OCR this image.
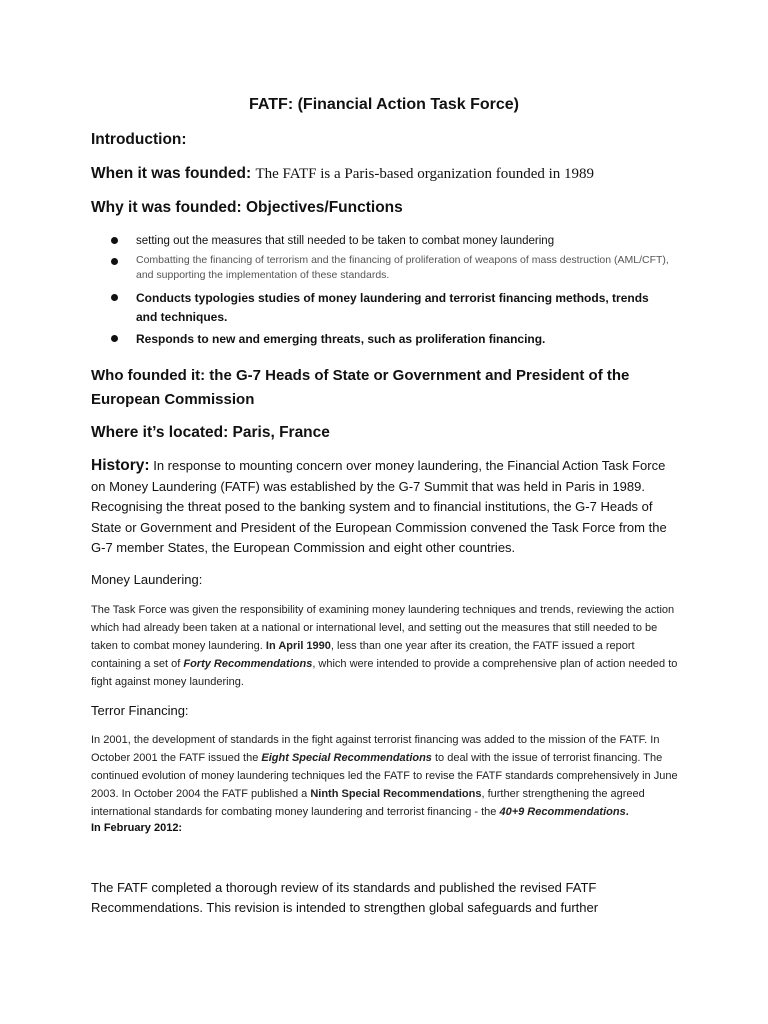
FATF: (Financial Action Task Force)
Introduction:

When it was founded: The FATF is a Paris-based organization founded in 1989

Why it was founded: Objectives/Functions
setting out the measures that still needed to be taken to combat money laundering
Combatting the financing of terrorism and the financing of proliferation of weapons of mass destruction (AML/CFT), and supporting the implementation of these standards.
Conducts typologies studies of money laundering and terrorist financing methods, trends and techniques.
Responds to new and emerging threats, such as proliferation financing.
Who founded it: the G-7 Heads of State or Government and President of the European Commission
Where it’s located: Paris, France

History: In response to mounting concern over money laundering, the Financial Action Task Force on Money Laundering (FATF) was established by the G-7 Summit that was held in Paris in 1989. Recognising the threat posed to the banking system and to financial institutions, the G-7 Heads of State or Government and President of the European Commission convened the Task Force from the G-7 member States, the European Commission and eight other countries.

Money Laundering:

The Task Force was given the responsibility of examining money laundering techniques and trends, reviewing the action which had already been taken at a national or international level, and setting out the measures that still needed to be taken to combat money laundering. In April 1990, less than one year after its creation, the FATF issued a report containing a set of Forty Recommendations, which were intended to provide a comprehensive plan of action needed to fight against money laundering.

Terror Financing:

In 2001, the development of standards in the fight against terrorist financing was added to the mission of the FATF. In October 2001 the FATF issued the Eight Special Recommendations to deal with the issue of terrorist financing. The continued evolution of money laundering techniques led the FATF to revise the FATF standards comprehensively in June 2003. In October 2004 the FATF published a Ninth Special Recommendations, further strengthening the agreed international standards for combating money laundering and terrorist financing - the 40+9 Recommendations.

In February 2012:

The FATF completed a thorough review of its standards and published the revised FATF Recommendations. This revision is intended to strengthen global safeguards and further
